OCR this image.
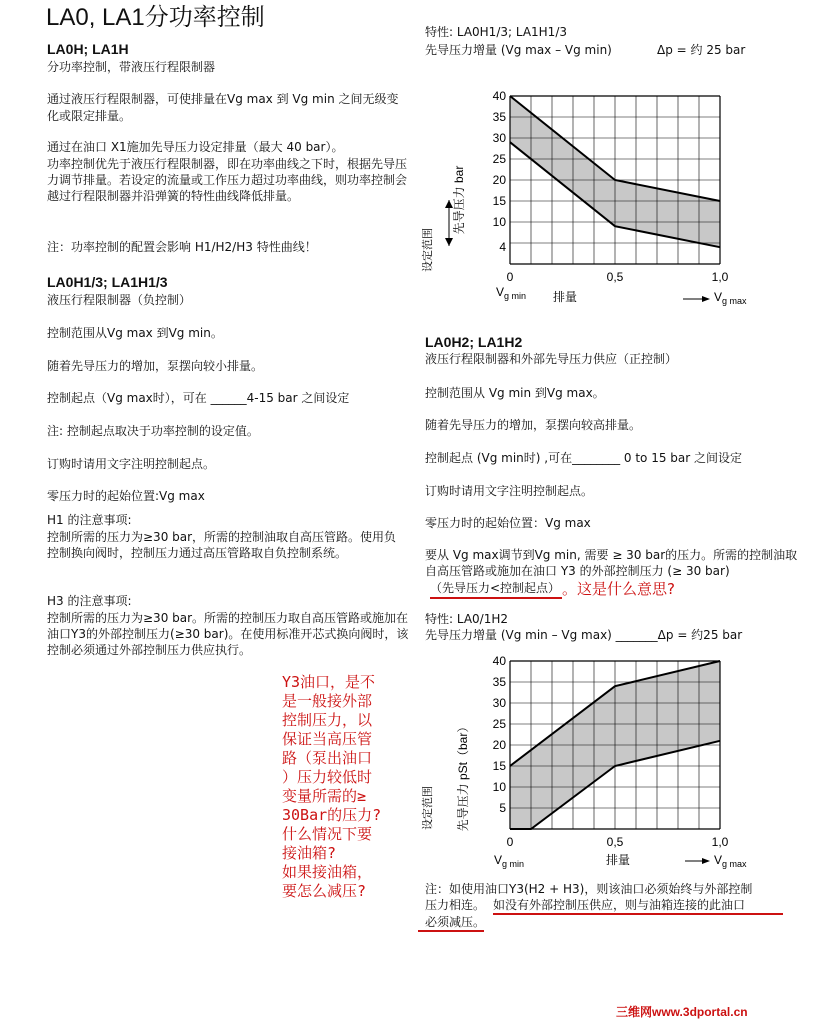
LA0, LA1分功率控制
LA0H; LA1H
分功率控制，带液压行程限制器
通过液压行程限制器，可使排量在Vg max 到 Vg min 之间无级变化或限定排量。
通过在油口 X1施加先导压力设定排量（最大 40 bar）。
功率控制优先于液压行程限制器，即在功率曲线之下时，根据先导压力调节排量。若设定的流量或工作压力超过功率曲线，则功率控制会越过行程限制器并沿弹簧的特性曲线降低排量。
注：功率控制的配置会影响 H1/H2/H3 特性曲线！
LA0H1/3; LA1H1/3
液压行程限制器（负控制）
控制范围从Vg max 到Vg min。
随着先导压力的增加，泵摆向较小排量。
控制起点（Vg max时），可在 ______4-15 bar 之间设定
注: 控制起点取决于功率控制的设定值。
订购时请用文字注明控制起点。
零压力时的起始位置:Vg max
H1 的注意事项:
控制所需的压力为≥30 bar，所需的控制油取自高压管路。使用负控制换向阀时，控制压力通过高压管路取自负控制系统。
H3 的注意事项:
控制所需的压力为≥30 bar。所需的控制压力取自高压管路或施加在油口Y3的外部控制压力(≥30 bar)。在使用标准开芯式换向阀时，该控制必须通过外部控制压力供应执行。
Y3油口，是不
是一般接外部
控制压力，以
保证当高压管
路（泵出油口
）压力较低时
变量所需的≥
30Bar的压力?
什么情况下要
接油箱?
如果接油箱，
要怎么减压?
特性: LA0H1/3; LA1H1/3
先导压力增量 (Vg max – Vg min)	Δp = 约 25 bar
4
10
15
20
25
30
35
40
0	0,5	1,0
先导压力 bar
设定范围
$V_{g min}$ 排量	$V_{g max}$
LA0H2; LA1H2
液压行程限制器和外部先导压力供应（正控制）
控制范围从 Vg min 到Vg max。
随着先导压力的增加，泵摆向较高排量。
控制起点 (Vg min时) ,可在________ 0 to 15 bar 之间设定
订购时请用文字注明控制起点。
零压力时的起始位置：Vg max
要从 Vg max调节到Vg min, 需要 ≥ 30 bar的压力。所需的控制油取
自高压管路或施加在油口 Y3 的外部控制压力 (≥ 30 bar)
（先导压力<控制起点） 。这是什么意思?
特性: LA0/1H2
先导压力增量 (Vg min – Vg max) _______Δp = 约25 bar
5
10
15
20
25
30
35
40
0	0,5	1,0
先导压力 pSt（bar）
设定范围
$V_{g min}$	排量	$V_{g max}$
注：如使用油口Y3(H2 + H3)，则该油口必须始终与外部控制
压力相连。 如没有外部控制压供应，则与油箱连接的此油口
必须减压。
三维网www.3dportal.cn
